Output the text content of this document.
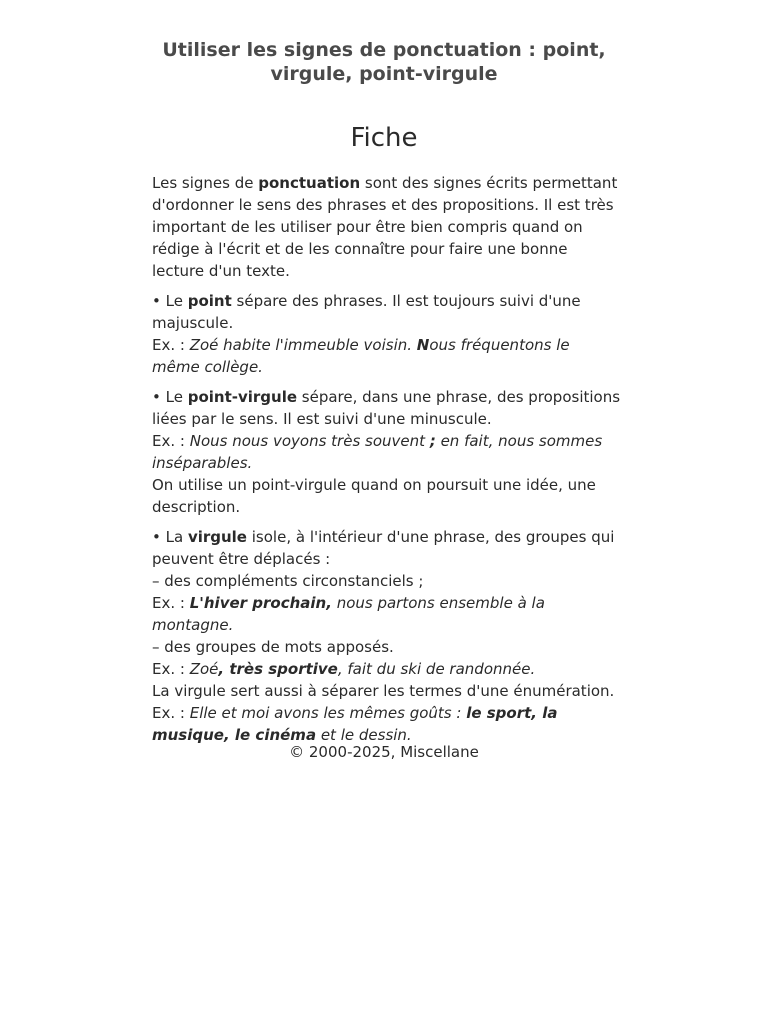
Utiliser les signes de ponctuation : point,
virgule, point-virgule
Fiche

Les signes de ponctuation sont des signes écrits permettant d'ordonner le sens des phrases et des propositions. Il est très important de les utiliser pour être bien compris quand on rédige à l'écrit et de les connaître pour faire une bonne lecture d'un texte.

• Le point sépare des phrases. Il est toujours suivi d'une majuscule.
Ex. : Zoé habite l'immeuble voisin. Nous fréquentons le même collège.

• Le point-virgule sépare, dans une phrase, des propositions liées par le sens. Il est suivi d'une minuscule.
Ex. : Nous nous voyons très souvent ; en fait, nous sommes inséparables.
On utilise un point-virgule quand on poursuit une idée, une description.

• La virgule isole, à l'intérieur d'une phrase, des groupes qui peuvent être déplacés :
– des compléments circonstanciels ;
Ex. : L'hiver prochain, nous partons ensemble à la montagne.
– des groupes de mots apposés.
Ex. : Zoé, très sportive, fait du ski de randonnée.
La virgule sert aussi à séparer les termes d'une énumération.
Ex. : Elle et moi avons les mêmes goûts : le sport, la musique, le cinéma et le dessin.

© 2000-2025, Miscellane
